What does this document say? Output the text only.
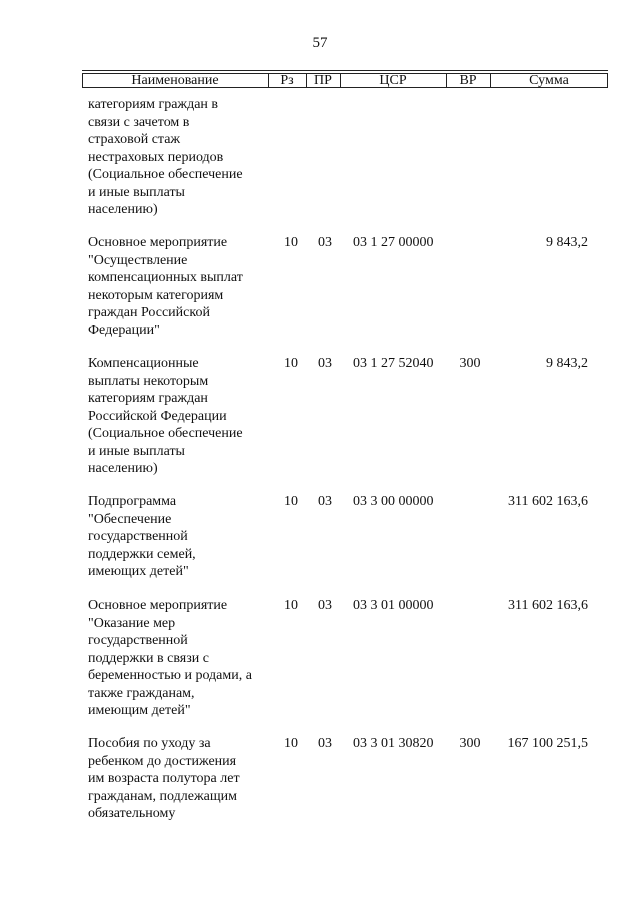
57
Наименование	Рз	ПР	ЦСР	ВР	Сумма
категориям граждан в
связи с зачетом в
страховой стаж
нестраховых периодов
(Социальное обеспечение
и иные выплаты
населению)
Основное мероприятие
"Осуществление
компенсационных выплат
некоторым категориям
граждан Российской
Федерации"
10 03 03 1 27 00000	9 843,2
Компенсационные
выплаты некоторым
категориям граждан
Российской Федерации
(Социальное обеспечение
и иные выплаты
населению)
10 03 03 1 27 52040	300	9 843,2
Подпрограмма
"Обеспечение
государственной
поддержки семей,
имеющих детей"
10 03 03 3 00 00000	311 602 163,6
Основное мероприятие
"Оказание мер
государственной
поддержки в связи с
беременностью и родами, а
также гражданам,
имеющим детей"
10 03 03 3 01 00000	311 602 163,6
Пособия по уходу за
ребенком до достижения
им возраста полутора лет
гражданам, подлежащим
обязательному
10 03 03 3 01 30820	300	167 100 251,5
